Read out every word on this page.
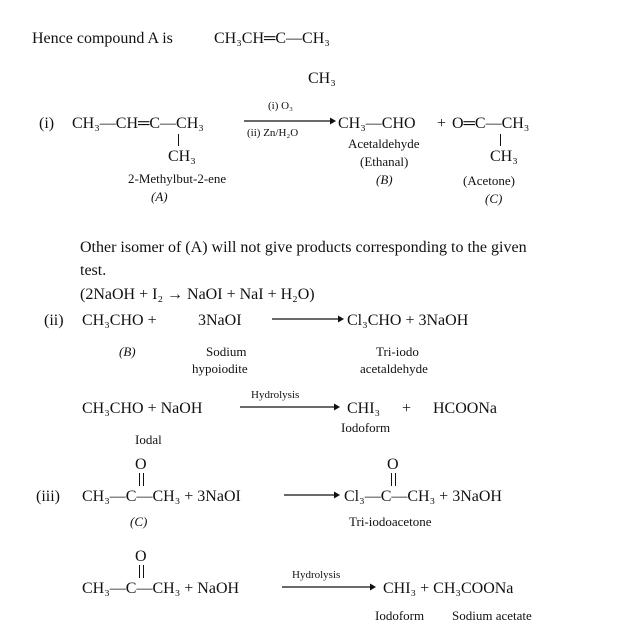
Hence compound A is	CH₃CH═C‒‒CH₃
CH₃
(i) CH₃—CH═C—CH₃
CH₃
2-Methylbut-2-ene
(A)
(i) O₃
(ii) Zn/H₂O
CH₃—CHO + O═C—CH₃
CH₃
Acetaldehyde
(Ethanal)
(B)	(Acetone)
(C)
Other isomer of (A) will not give products corresponding to the given
test.
(2NaOH + I₂ → NaOI + NaI + H₂O)
(ii) CH₃CHO +	3NaOI	Cl₃CHO + 3NaOH
(B)	Sodium
hypoiodite
Tri-iodo
acetaldehyde
CH₃CHO + NaOH
Hydrolysis
CHI₃ + HCOONa
Iodoform
Iodal
O
(iii) CH₃—C—CH₃ + 3NaOI
O
Cl₃—C—CH₃ + 3NaOH
(C)	Tri-iodoacetone
O
CH₃—C—CH₃ + NaOH
Hydrolysis
CHI₃ + CH₃COONa
Iodoform Sodium acetate
